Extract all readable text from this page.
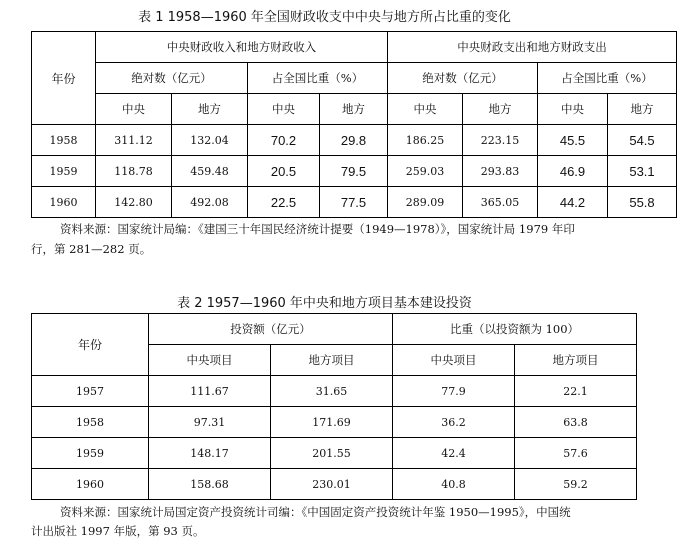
表 1 1958—1960 年全国财政收支中中央与地方所占比重的变化
年份	中央财政收入和地方财政收入				中央财政支出和地方财政支出			
	绝对数（亿元）		占全国比重（%）		绝对数（亿元）		占全国比重（%）	
	中央	地方	中央	地方	中央	地方	中央	地方
1958	311.12	132.04	70.2	29.8	186.25	223.15	45.5	54.5
1959	118.78	459.48	20.5	79.5	259.03	293.83	46.9	53.1
1960	142.80	492.08	22.5	77.5	289.09	365.05	44.2	55.8
资料来源：国家统计局编：《建国三十年国民经济统计提要（1949—1978）》，国家统计局 1979 年印
行，第 281—282 页。
表 2 1957—1960 年中央和地方项目基本建设投资
年份	投资额（亿元）		比重（以投资额为 100）	
	中央项目	地方项目	中央项目	地方项目
1957	111.67	31.65	77.9	22.1
1958	97.31	171.69	36.2	63.8
1959	148.17	201.55	42.4	57.6
1960	158.68	230.01	40.8	59.2
资料来源：国家统计局国定资产投资统计司编：《中国固定资产投资统计年鉴 1950—1995》，中国统
计出版社 1997 年版，第 93 页。
